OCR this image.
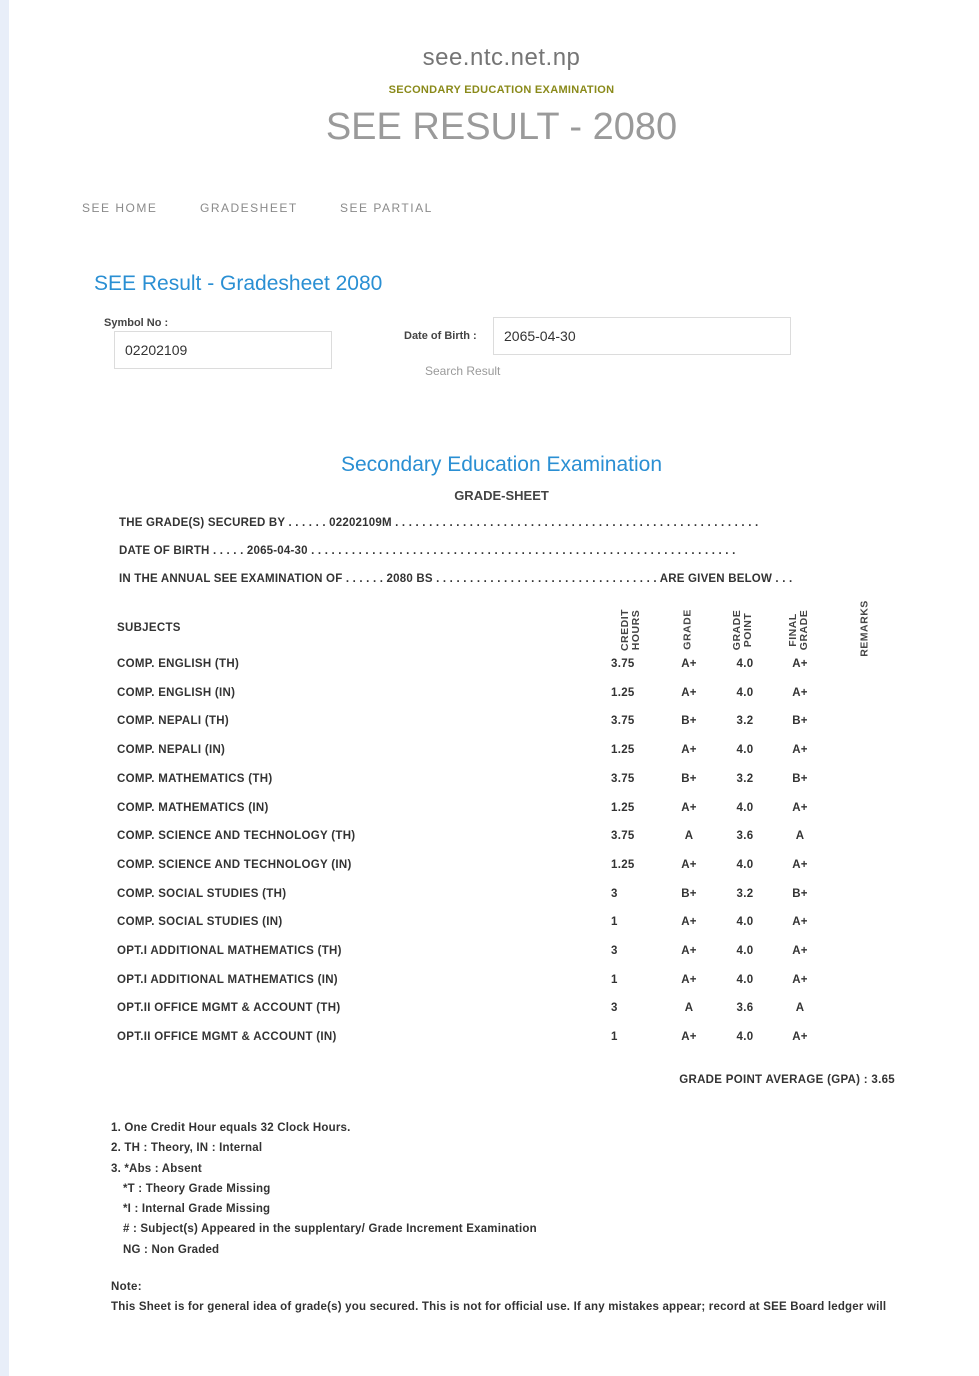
see.ntc.net.np
SECONDARY EDUCATION EXAMINATION
SEE RESULT - 2080
SEE HOME	GRADESHEET	SEE PARTIAL
SEE Result - Gradesheet 2080
Symbol No :
02202109
Date of Birth :	2065-04-30
Search Result
Secondary Education Examination
GRADE-SHEET
THE GRADE(S) SECURED BY . . . . . . 02202109M . . . . . . . . . . . . . . . . . . . . . . . . . . . . . . . . . . . . . . . . . . . . . . . . . . . . . .
DATE OF BIRTH . . . . . 2065-04-30 . . . . . . . . . . . . . . . . . . . . . . . . . . . . . . . . . . . . . . . . . . . . . . . . . . . . . . . . . . . . . . .
IN THE ANNUAL SEE EXAMINATION OF . . . . . . 2080 BS . . . . . . . . . . . . . . . . . . . . . . . . . . . . . . . . . ARE GIVEN BELOW . . .
SUBJECTS	CREDIT HOURS	GRADE	GRADE POINT	FINAL GRADE	REMARKS
COMP. ENGLISH (TH)	3.75	A+	4.0	A+
COMP. ENGLISH (IN)	1.25	A+	4.0	A+
COMP. NEPALI (TH)	3.75	B+	3.2	B+
COMP. NEPALI (IN)	1.25	A+	4.0	A+
COMP. MATHEMATICS (TH)	3.75	B+	3.2	B+
COMP. MATHEMATICS (IN)	1.25	A+	4.0	A+
COMP. SCIENCE AND TECHNOLOGY (TH)	3.75	A	3.6	A
COMP. SCIENCE AND TECHNOLOGY (IN)	1.25	A+	4.0	A+
COMP. SOCIAL STUDIES (TH)	3	B+	3.2	B+
COMP. SOCIAL STUDIES (IN)	1	A+	4.0	A+
OPT.I ADDITIONAL MATHEMATICS (TH)	3	A+	4.0	A+
OPT.I ADDITIONAL MATHEMATICS (IN)	1	A+	4.0	A+
OPT.II OFFICE MGMT & ACCOUNT (TH)	3	A	3.6	A
OPT.II OFFICE MGMT & ACCOUNT (IN)	1	A+	4.0	A+
GRADE POINT AVERAGE (GPA) : 3.65
1. One Credit Hour equals 32 Clock Hours.
2. TH : Theory, IN : Internal
3. *Abs : Absent
*T : Theory Grade Missing
*I : Internal Grade Missing
# : Subject(s) Appeared in the supplentary/ Grade Increment Examination
NG : Non Graded
Note:
This Sheet is for general idea of grade(s) you secured. This is not for official use. If any mistakes appear; record at SEE Board ledger will
